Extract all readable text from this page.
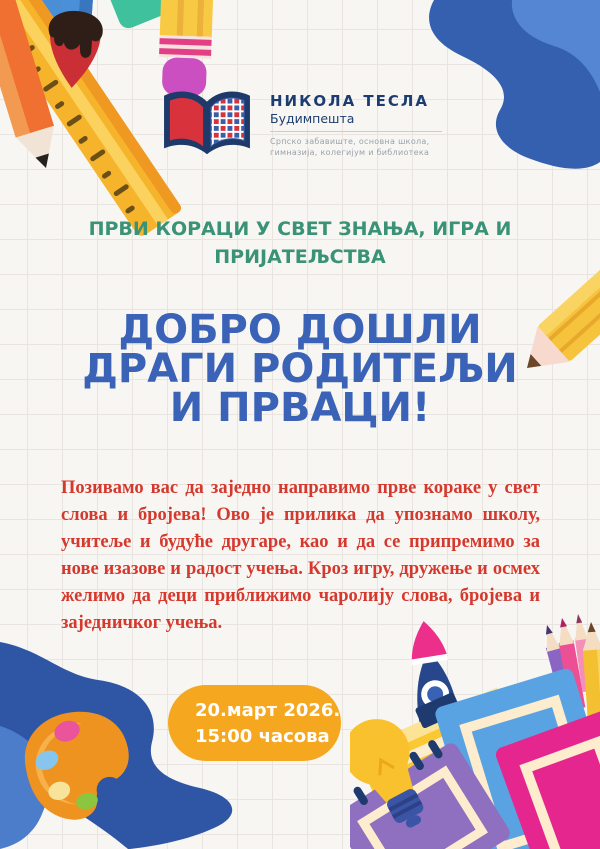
НИКОЛА ТЕСЛА
Будимпешта
Српско забавиште, основна школа,
гимназија, колегијум и библиотека
ПРВИ КОРАЦИ У СВЕТ ЗНАЊА, ИГРА И ПРИЈАТЕЉСТВА
ДОБРО ДОШЛИ
ДРАГИ РОДИТЕЉИ
И ПРВАЦИ!
Позивамо вас да заједно направимо прве кораке у свет слова и бројева! Ово је прилика да упознамо школу, учитеље и будуће другаре, као и да се припремимо за нове изазове и радост учења. Кроз игру, дружење и осмех желимо да деци приближимо чаролију слова, бројева и заједничког учења.
20.март 2026.
15:00 часова
